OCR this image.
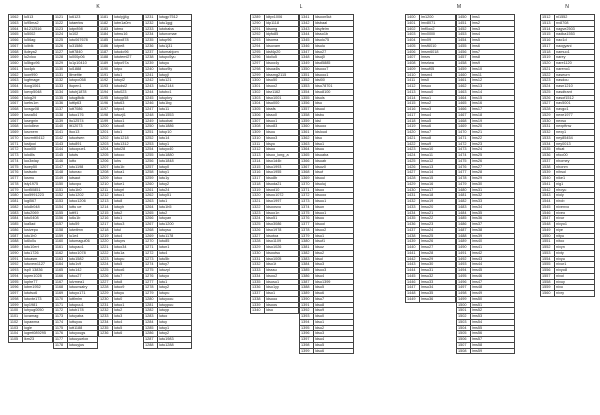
K
1062	lu513
1063	lu95ma2
1064	lk1212516
1065	lu5002
1066	lu56ag
1067	luliblk
1068	lluleya2
1069	lu2xloo
1060	lu5bgo96
1061	luo4pk
1062	luon990
1063	lugfmage
1064	lluog1061
1065	luexp5048
1066	lulog29
1067	luebs1m
1068	luxsgz08
1069	lusxa54
1067	lusegnin
1068	luxio8ew
1069	lusvxem
1070	lusvmtt0412
1071	lustjool
1072	lsuo00l
1073	lulo8ls
1074	luo3wlay
1075	lsoey50
1076	lustsotx
1077	lusmu
1078	lsty1975
1079	luvt50851
1080	luo5991223
1081	lugl567
1082	lulu8r048
1083	lutu2069
1084	lutu0408
1085	lua5ad
1086	lusivepo
1087	lutu1h0
1088	lu6lo0u
1089	lutu10ert
1090	lutu1726
1091	lutuasm
1092	lutuvew1127
1093	lsp0 13836
1094	lupen1028
1095	luphe77
1096	lubm1952
1097	lututso6
1098	lutuvte173
1099	luy1981
1100	luhyug0050
1101	luvamag
1102	lupawma
1103	lugle
1104	lugmt089295
1105	lkm23
1121	lu6123
1122	lutaerkw
1123	lotpr898
1124	lu102
1125	lutu067678
1126	lu31586
1127	lutt7840
1128	lu000p06
1129	lu1p10410
1130	lul1888
1131	lllmeltte
1132	lutopo058
1133	ltupen1
1134	lutuhj1878
1135	lutug8tdk
1136	luttlp63
1137	lutt7086
1138	lutuo176
1139	ltu12574
1140	ltt12073
1141	ltuo13
1142	lutuotsen
1143	lutu891
1144	lutuopue1
1145	lututs
1146	lutto
1147	lutu1198
1148	lutunao
1149	lutsaut
1150	lutuxpo
1151	lutu1b0
1152	lutu1202
1153	lutuo1206
1154	luttu ue
1155	lutt91
1156	lu6u1b
1157	lutu59
1158	lutwtlmn
1159	lu1e4
1160	lutumagul06
1161	lutupao1
1162	lutoo1078
1163	lutu1582
1164	lutu1v9
1165	lutu142
1166	lutuo27
1167	lulvmea1
1168	lutuunsalry
1169	lutuyo171
1170	luttlmlm
1171	lutupuu1
1172	lutub178
1173	lutuyaba
1174	luttuyou
1175	lutt1188
1176	lutuyougs
1177	lutuuyuelox
1178	lutuuyjus
1181	lutulyjj4g
1182	lutm1a0m
1183	lutmo
1184	lutmu16
1185	lutoo878
1186	lutpe8
1187	lutudo96
1188	lututeml27
1189	lutpo97a
1190	lutpo
1191	lutu1
1192	lutuyl2
1193	lutudsi2
1194	lutu023
1195	lutuyp58
1196	lutu63
1197	lutpo4
1198	lutuzji1
1199	lutuo1
1200	lutuo8
1201	lutu1
1202	lutu1218
1203	lutu1312
1204	lutul28
1205	lutooo
1206	luhs
1207	lutu1b
1208	lutua1
1209	lutuo
1210	lutue1
1211	lutuyrl
1212	lutuo1
1213	lutu8
1214	lutuyh
1215	lutu2
1216	lutu1
1217	lutuu3
1218	lutul
1219	lutu4
1220	lutuyrs
1221	lutuo34
1222	lutu1a
1223	lutupu
1224	lutu5
1225	lutuo6
1226	lutu7
1227	lutu8
1228	lutuo9
1229	lutuyu
1230	lutu0
1231	lutuo1
1232	lutu2
1233	lutu3
1234	lutu4
1235	lutu5
1236	lutu6
1231	lutugp7512
1232	lutu1ggj
1233	lutobaba
1234	lutunomae
1235	lutup96
1236	lutu1j31
1237	lutumabjom
1238	lutupo5yu
1239	lutuyu
1240	lutuo9ly
1241	lutuyjl
1242	lutu121
1243	lutu2144
1244	lutubo1
1245	lutupkry
1246	lutu1bg
1247	lutu11
1248	lutu1553
1249	lutuobat
1250	lutu1886
1251	lutup10
1252	lutu14
1253	lutuy1
1254	lutuyo40
1255	lutu1880
1256	lutu1848
1257	lutuy0
1258	lutuy1
1259	lutu1y
1260	lutuy2
1261	lutu24
1262	lutuy51
1263	lutu1
1264	lutu1h5
1265	lutu2
1266	lutuyan
1267	lutu1200
1268	lutuysu
1269	lutu1178
1270	lutu85
1271	lutun1
1272	lutu4
1273	lutu5b
1274	lutuy7
1275	lutuzyl
1276	lutuyo
1277	lutu1
1278	lutuy2
1279	lutupu
1280	lutuyoou
1281	lutuypuu
1282	lutuyp
1283	lutuo
1284	lutuy
1285	lutuy1
1286	lutuy2
1287	lutu1983
1288	lutu1288
L
1289	ldtyx1006
1290	ldp1118
1291	ldsong
1292	ldyfo85
1293	ldsoma
1294	ldsuxam
1295	ldsf4p20
1296	ldoliu5
1297	ldsoo4y
1298	ldsoa4ls
1299	ldssmg2115
1300	ldsu50
1301	ldsuo2
1302	ldsr1162
1303	ldso1001
1304	ldsu000
1305	ldssfs
1306	ldsso0
1307	ldsuo1
1308	ldso83
1309	ldsou
1310	ldsoo3
1311	ldsyo
1312	ldsoo
1313	ldsoo_long_a
1314	ldso1d4b
1315	ldsu1993
1316	ldso1955
1317	ldsu8b
1318	ldsoda21
1319	ldsod10
1320	ldsou1072
1321	ldso1997
1322	ldsoosxu
1323	ldsuo1n
1324	ldso51
1325	ldso3086
1326	ldso1978
1327	ldsotoa
1328	ldso1109
1329	ldso1026
1330	ldsoutsu
1331	ldso1005
1332	ldso1t
1333	ldsssu
1334	ldsou2
1335	ldsusu1
1336	ldso1yy
1337	ldso1
1338	ldsooo
1339	ldsoos
1340	ldsu
1341	ldsoon5ut
1342	ldsbaal
1343	ldsyfeim
1344	ldsso1b
1345	ldsolo75
1346	ldsulu
1347	ldso27
1348	ldsuj0
1349	ldsd5885
1350	ldsooo7
1351	ldsooo1
1352	ldsl00
1353	ldsu78701
1354	ldsu8100
1355	ldsuls
1356	ldsu
1357	ldsuul
1358	ldsbu
1359	ldsl
1360	ldsuoo
1361	ldsloud
1362	ldsu
1363	ldsu1
1364	ldsuu
1365	ldsuaba
1366	ldsuab
1367	ldsuz0
1368	ldsuf
1369	ldsuul
1370	ldsuluj
1371	ldsuo
1372	ldsuoo
1373	ldsuu1
1374	ldsun
1375	ldsuo1
1376	ldsuu
1377	ldsuol
1378	ldsuo2
1379	ldsu1
1380	ldsuf1
1381	ldsuz
1382	ldsu2
1383	ldsul
1384	ldsu3
1385	ldsuo3
1386	ldsu4
1387	ldsu1399
1388	ldsu5
1389	ldsu6
1390	ldsu7
1391	ldsu8
1392	ldsu9
1393	ldsu0
1394	ldsu1
1395	ldsu2
1396	ldsu3
1397	ldsu4
1398	ldsu5
1399	ldsu6
M
1400	lm1200
1401	lmx8071
1402	lmf0oo2
1403	lmx0l00l
1404	lmx09
1405	lmsf6010
1406	lmsm6018
1407	lmsrs
1408	lmsriwa
1409	lmsuf05
1410	lmsm4
1411	lms0
1412	lmsuo
1413	lmsou0
1414	lmsu1
1415	lmsu2
1416	lmsu3
1417	lmsu4
1418	lmsu5
1419	lmsu6
1420	lmsu7
1421	lmsu8
1422	lmsu9
1423	lmsu10
1424	lmsu11
1425	lmsu12
1426	lmsu13
1427	lmsu14
1428	lmsu15
1429	lmsu16
1430	lmsu17
1431	lmsu18
1432	lmsu19
1433	lmsu20
1434	lmsu21
1435	lmsu22
1436	lmsu23
1437	lmsu24
1438	lmsu25
1439	lmsu26
1440	lmsu27
1441	lmsu28
1442	lmsu29
1443	lmsu30
1444	lmsu31
1445	lmsu32
1446	lmsu33
1447	lmsu34
1448	lmsu35
1449	lmsu36
1450	lms1
1451	lms2
1452	lms3
1453	lms4
1454	lms5
1455	lms6
1456	lms7
1457	lms8
1458	lms9
1459	lms10
1460	lms11
1461	lms12
1462	lms13
1463	lms14
1464	lms15
1465	lms16
1466	lms17
1467	lms18
1468	lms19
1469	lms20
1470	lms21
1471	lms22
1472	lms23
1473	lms24
1474	lms25
1475	lms26
1476	lms27
1477	lms28
1478	lms29
1479	lms30
1480	lms31
1481	lms32
1482	lms33
1483	lms34
1484	lms35
1485	lms36
1486	lms37
1487	lms38
1488	lms39
1489	lms40
1490	lms41
1491	lms42
1492	lms43
1493	lms44
1494	lms45
1495	lms46
1496	lms47
1497	lms48
1498	lms49
1499	lms50
1500	lms51
1501	lms52
1502	lms53
1503	lms54
1504	lms55
1505	lms56
1506	lms57
1507	lms58
1508	lms59
N
1512	nl1552
1513	nv8708
1514	nagve2503
1515	nadka1553
1516	nao1d
1517	naogyani
1518	namuo1
1519	narey
1520	nare1120
1521	nareno1
1522	naseurn
1523	nasdou
1524	nasn1210
1525	nasdtrant
1526	nasof1512
1527	nav5001
1528	navgo1
1529	nexe1977
1530	nexso
1531	nexpftnw
1532	nexy1
1533	ney85454
1534	ney0013
1535	nfuat
1536	nfoo00
1537	nhomey
1538	nhonm
1539	nihsol
1540	nike1
1541	nig1
1542	nhoyu
1543	nioly
1544	nirob
1545	nivenvo
1546	niveo
1547	nivur
1548	nivyo1
1549	niye
1550	nityu
1551	nitoo
1552	nixyn
1553	nixty
1554	nixyu
1555	nixur1
1556	nixyo8
1557	nixol
1558	nixuy
1559	nixo
1560	nixry
